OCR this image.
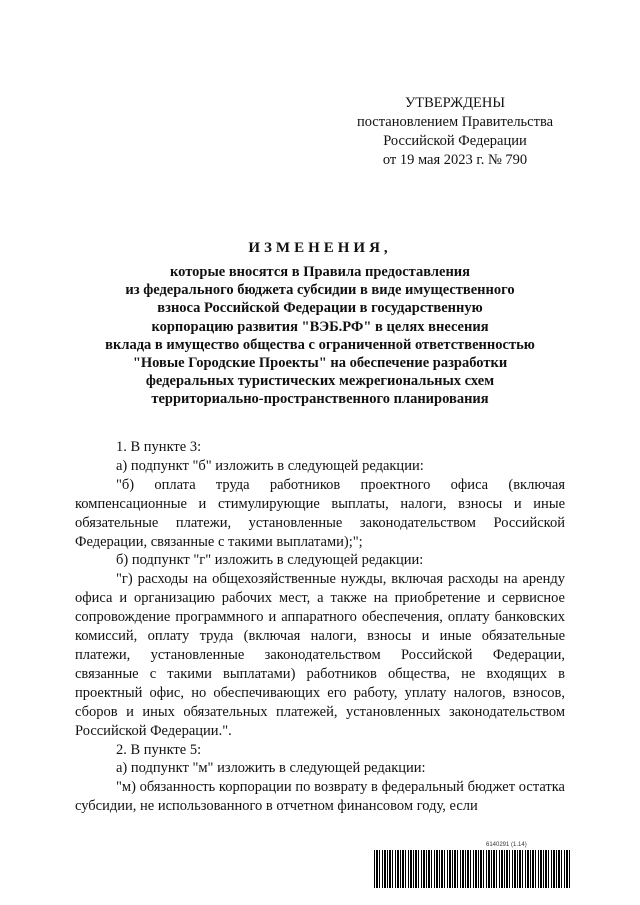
УТВЕРЖДЕНЫ
постановлением Правительства
Российской Федерации
от 19 мая 2023 г. № 790
ИЗМЕНЕНИЯ,
которые вносятся в Правила предоставления
из федерального бюджета субсидии в виде имущественного
взноса Российской Федерации в государственную
корпорацию развития "ВЭБ.РФ" в целях внесения
вклада в имущество общества с ограниченной ответственностью
"Новые Городские Проекты" на обеспечение разработки
федеральных туристических межрегиональных схем
территориально-пространственного планирования

1. В пункте 3:

а) подпункт "б" изложить в следующей редакции:

"б) оплата труда работников проектного офиса (включая компенсационные и стимулирующие выплаты, налоги, взносы и иные обязательные платежи, установленные законодательством Российской Федерации, связанные с такими выплатами);";

б) подпункт "г" изложить в следующей редакции:

"г) расходы на общехозяйственные нужды, включая расходы на аренду офиса и организацию рабочих мест, а также на приобретение и сервисное сопровождение программного и аппаратного обеспечения, оплату банковских комиссий, оплату труда (включая налоги, взносы и иные обязательные платежи, установленные законодательством Российской Федерации, связанные с такими выплатами) работников общества, не входящих в проектный офис, но обеспечивающих его работу, уплату налогов, взносов, сборов и иных обязательных платежей, установленных законодательством Российской Федерации.".

2. В пункте 5:

а) подпункт "м" изложить в следующей редакции:

"м) обязанность корпорации по возврату в федеральный бюджет остатка субсидии, не использованного в отчетном финансовом году, если

6140291 (1.14)
